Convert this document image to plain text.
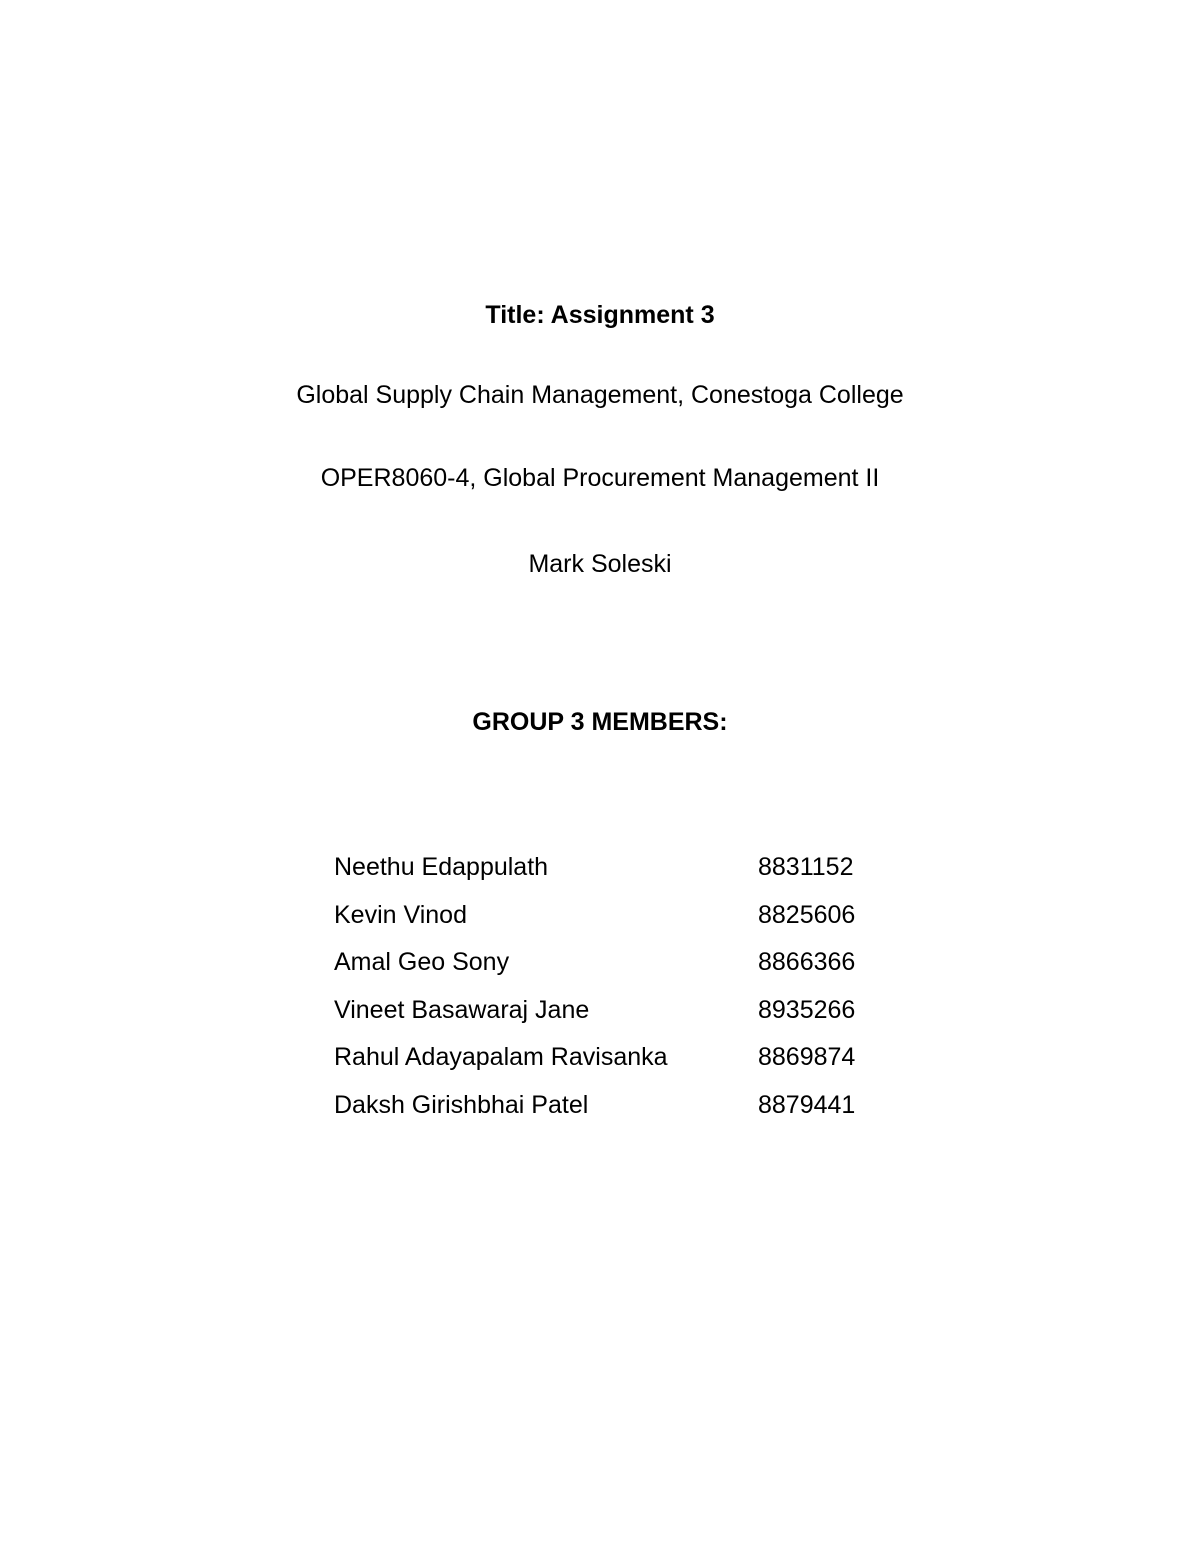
Title: Assignment 3
Global Supply Chain Management, Conestoga College
OPER8060-4, Global Procurement Management II
Mark Soleski
GROUP 3 MEMBERS:
Neethu Edappulath	8831152
Kevin Vinod	8825606
Amal Geo Sony	8866366
Vineet Basawaraj Jane	8935266
Rahul Adayapalam Ravisanka	8869874
Daksh Girishbhai Patel	8879441
